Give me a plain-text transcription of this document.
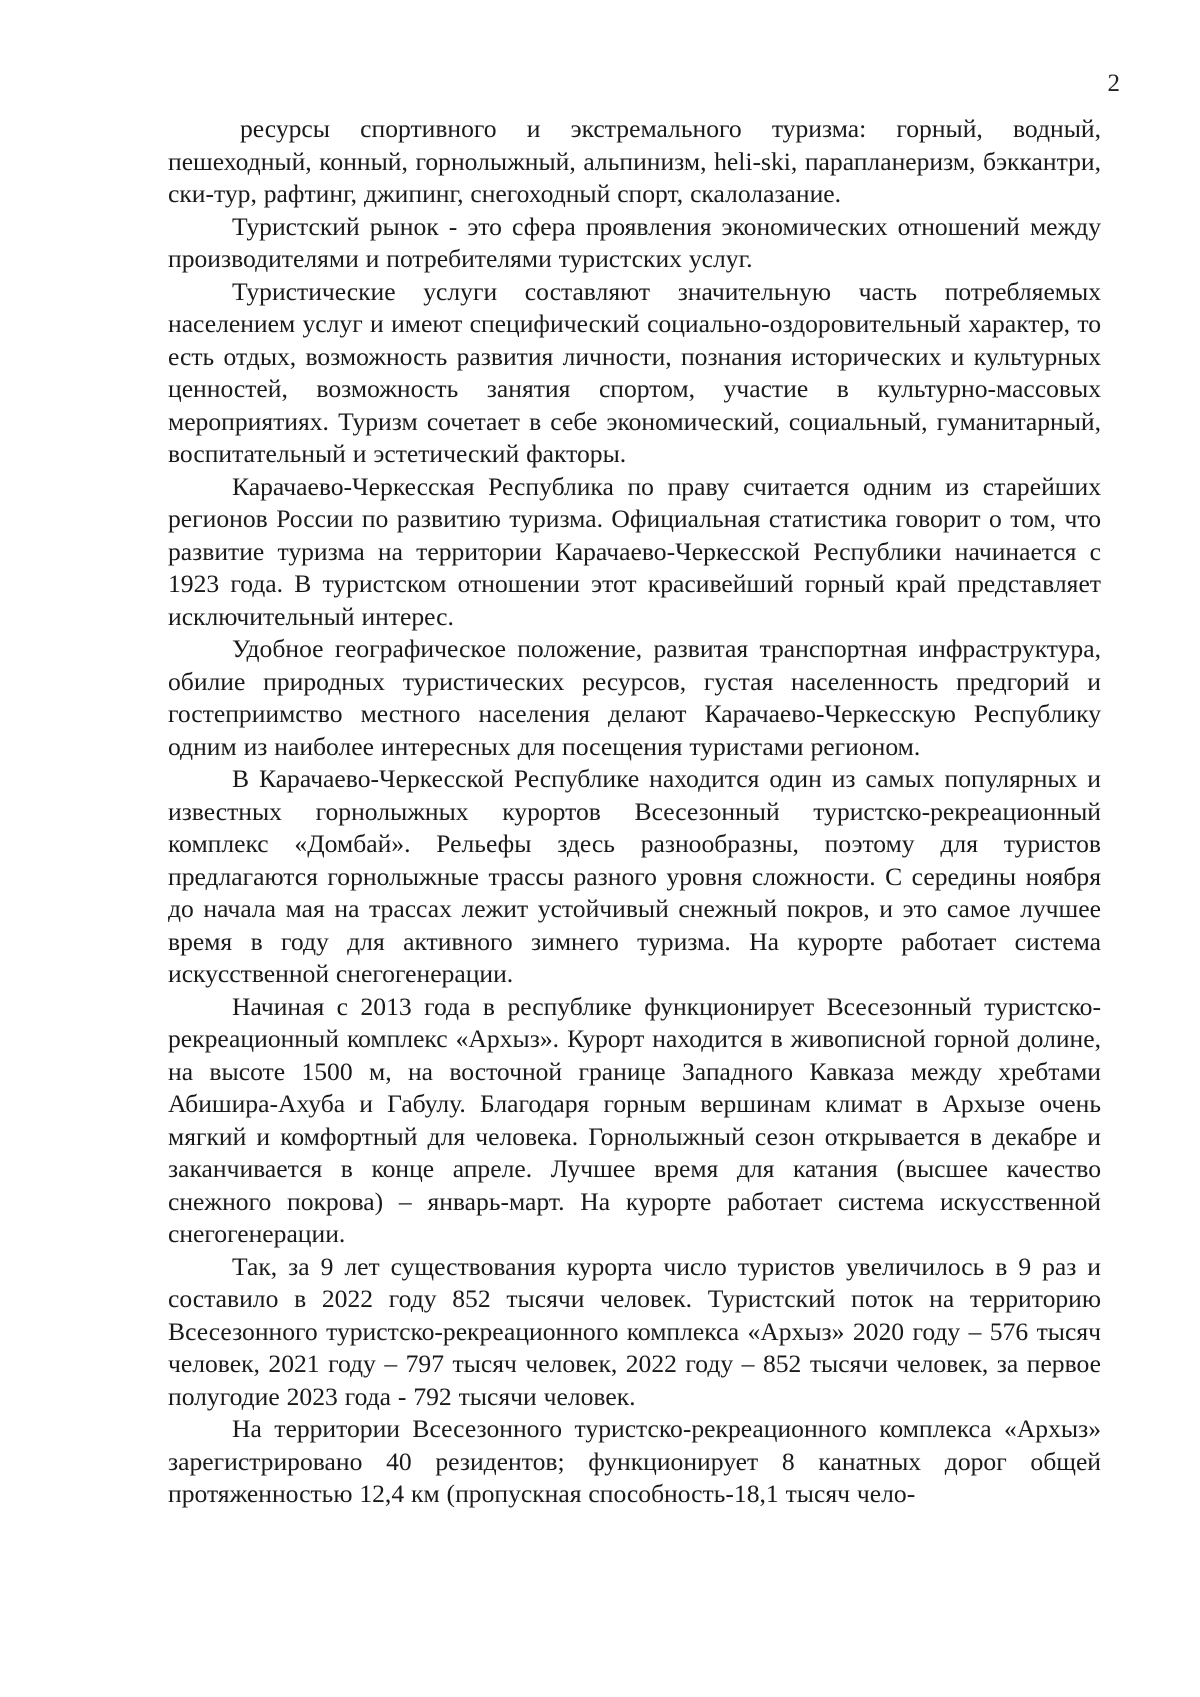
2

ресурсы спортивного и экстремального туризма: горный, водный, пешеходный, конный, горнолыжный, альпинизм, heli-ski, парапланеризм, бэккантри, ски-тур, рафтинг, джипинг, снегоходный спорт, скалолазание.

Туристский рынок - это сфера проявления экономических отношений между производителями и потребителями туристских услуг.

Туристические услуги составляют значительную часть потребляемых населением услуг и имеют специфический социально-оздоровительный характер, то есть отдых, возможность развития личности, познания исторических и культурных ценностей, возможность занятия спортом, участие в культурно-массовых мероприятиях. Туризм сочетает в себе экономический, социальный, гуманитарный, воспитательный и эстетический факторы.

Карачаево-Черкесская Республика по праву считается одним из старейших регионов России по развитию туризма. Официальная статистика говорит о том, что развитие туризма на территории Карачаево-Черкесской Республики начинается с 1923 года. В туристском отношении этот красивейший горный край представляет исключительный интерес.

Удобное географическое положение, развитая транспортная инфраструктура, обилие природных туристических ресурсов, густая населенность предгорий и гостеприимство местного населения делают Карачаево-Черкесскую Республику одним из наиболее интересных для посещения туристами регионом.

В Карачаево-Черкесской Республике находится один из самых популярных и известных горнолыжных курортов Всесезонный туристско-рекреационный комплекс «Домбай». Рельефы здесь разнообразны, поэтому для туристов предлагаются горнолыжные трассы разного уровня сложности. С середины ноября до начала мая на трассах лежит устойчивый снежный покров, и это самое лучшее время в году для активного зимнего туризма. На курорте работает система искусственной снегогенерации.

Начиная с 2013 года в республике функционирует Всесезонный туристско-рекреационный комплекс «Архыз». Курорт находится в живописной горной долине, на высоте 1500 м, на восточной границе Западного Кавказа между хребтами Абишира-Ахуба и Габулу. Благодаря горным вершинам климат в Архызе очень мягкий и комфортный для человека. Горнолыжный сезон открывается в декабре и заканчивается в конце апреле. Лучшее время для катания (высшее качество снежного покрова) – январь-март. На курорте работает система искусственной снегогенерации.

Так, за 9 лет существования курорта число туристов увеличилось в 9 раз и составило в 2022 году 852 тысячи человек. Туристский поток на территорию Всесезонного туристско-рекреационного комплекса «Архыз» 2020 году – 576 тысяч человек, 2021 году – 797 тысяч человек, 2022 году – 852 тысячи человек, за первое полугодие 2023 года - 792 тысячи человек.

На территории Всесезонного туристско-рекреационного комплекса «Архыз» зарегистрировано 40 резидентов; функционирует 8 канатных дорог общей протяженностью 12,4 км (пропускная способность-18,1 тысяч чело-
